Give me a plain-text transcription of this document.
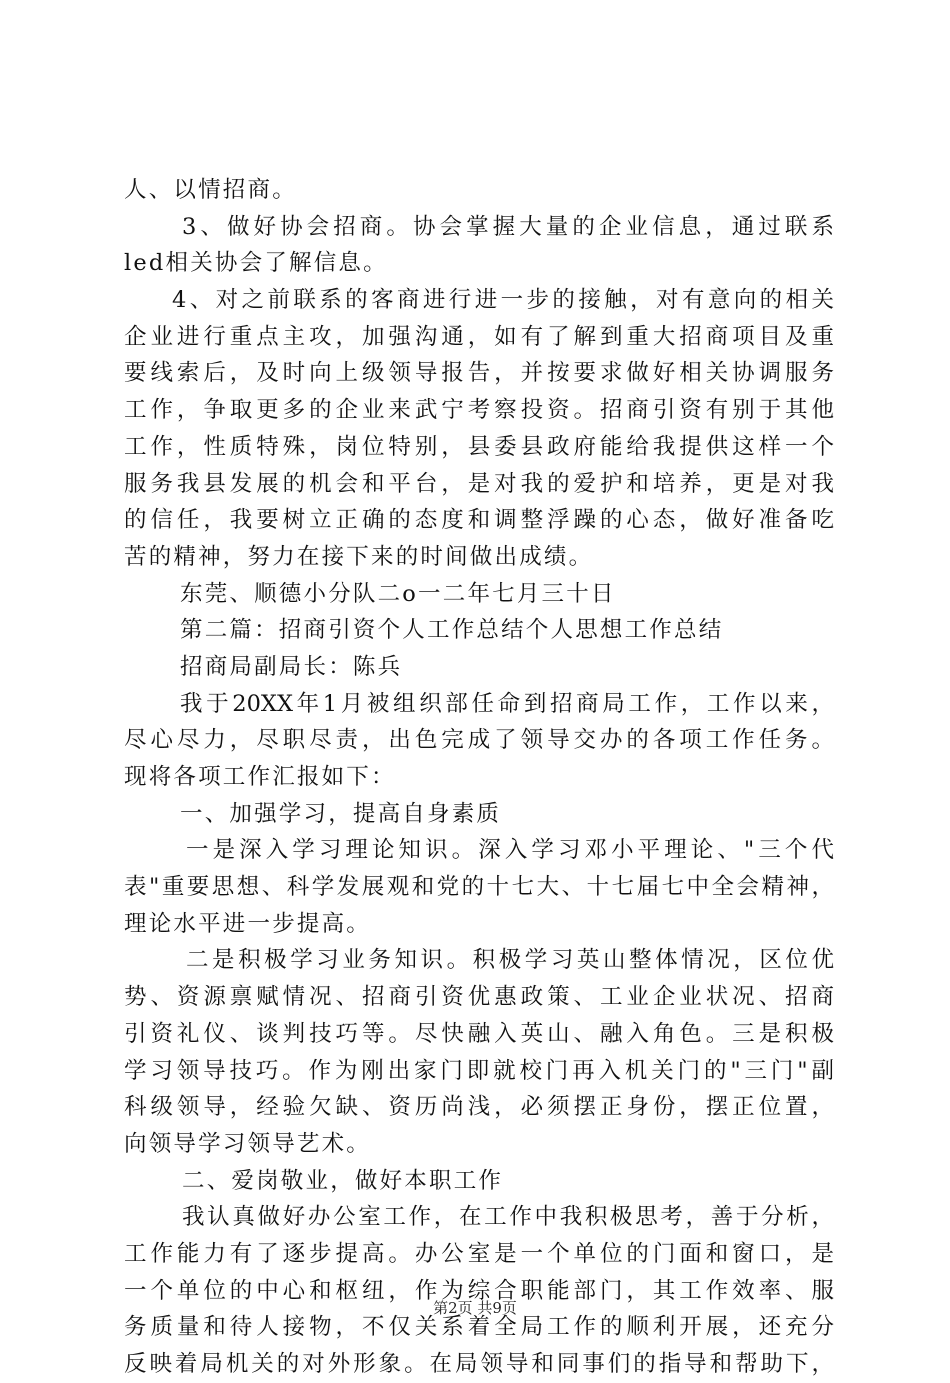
人、以情招商。
3、做好协会招商。协会掌握大量的企业信息，通过联系
led相关协会了解信息。
4、对之前联系的客商进行进一步的接触，对有意向的相关
企业进行重点主攻，加强沟通，如有了解到重大招商项目及重
要线索后，及时向上级领导报告，并按要求做好相关协调服务
工作，争取更多的企业来武宁考察投资。招商引资有别于其他
工作，性质特殊，岗位特别，县委县政府能给我提供这样一个
服务我县发展的机会和平台，是对我的爱护和培养，更是对我
的信任，我要树立正确的态度和调整浮躁的心态，做好准备吃
苦的精神，努力在接下来的时间做出成绩。
东莞、顺德小分队二o一二年七月三十日
第二篇：招商引资个人工作总结个人思想工作总结
招商局副局长：陈兵
我于20XX年1月被组织部任命到招商局工作，工作以来，
尽心尽力，尽职尽责，出色完成了领导交办的各项工作任务。
现将各项工作汇报如下：
一、加强学习，提高自身素质
一是深入学习理论知识。深入学习邓小平理论、"三个代
表"重要思想、科学发展观和党的十七大、十七届七中全会精神，
理论水平进一步提高。
二是积极学习业务知识。积极学习英山整体情况，区位优
势、资源禀赋情况、招商引资优惠政策、工业企业状况、招商
引资礼仪、谈判技巧等。尽快融入英山、融入角色。三是积极
学习领导技巧。作为刚出家门即就校门再入机关门的"三门"副
科级领导，经验欠缺、资历尚浅，必须摆正身份，摆正位置，
向领导学习领导艺术。
二、爱岗敬业，做好本职工作
我认真做好办公室工作，在工作中我积极思考，善于分析，
工作能力有了逐步提高。办公室是一个单位的门面和窗口，是
一个单位的中心和枢纽，作为综合职能部门，其工作效率、服
务质量和待人接物，不仅关系着全局工作的顺利开展，还充分
反映着局机关的对外形象。在局领导和同事们的指导和帮助下，
第2页 共9页
